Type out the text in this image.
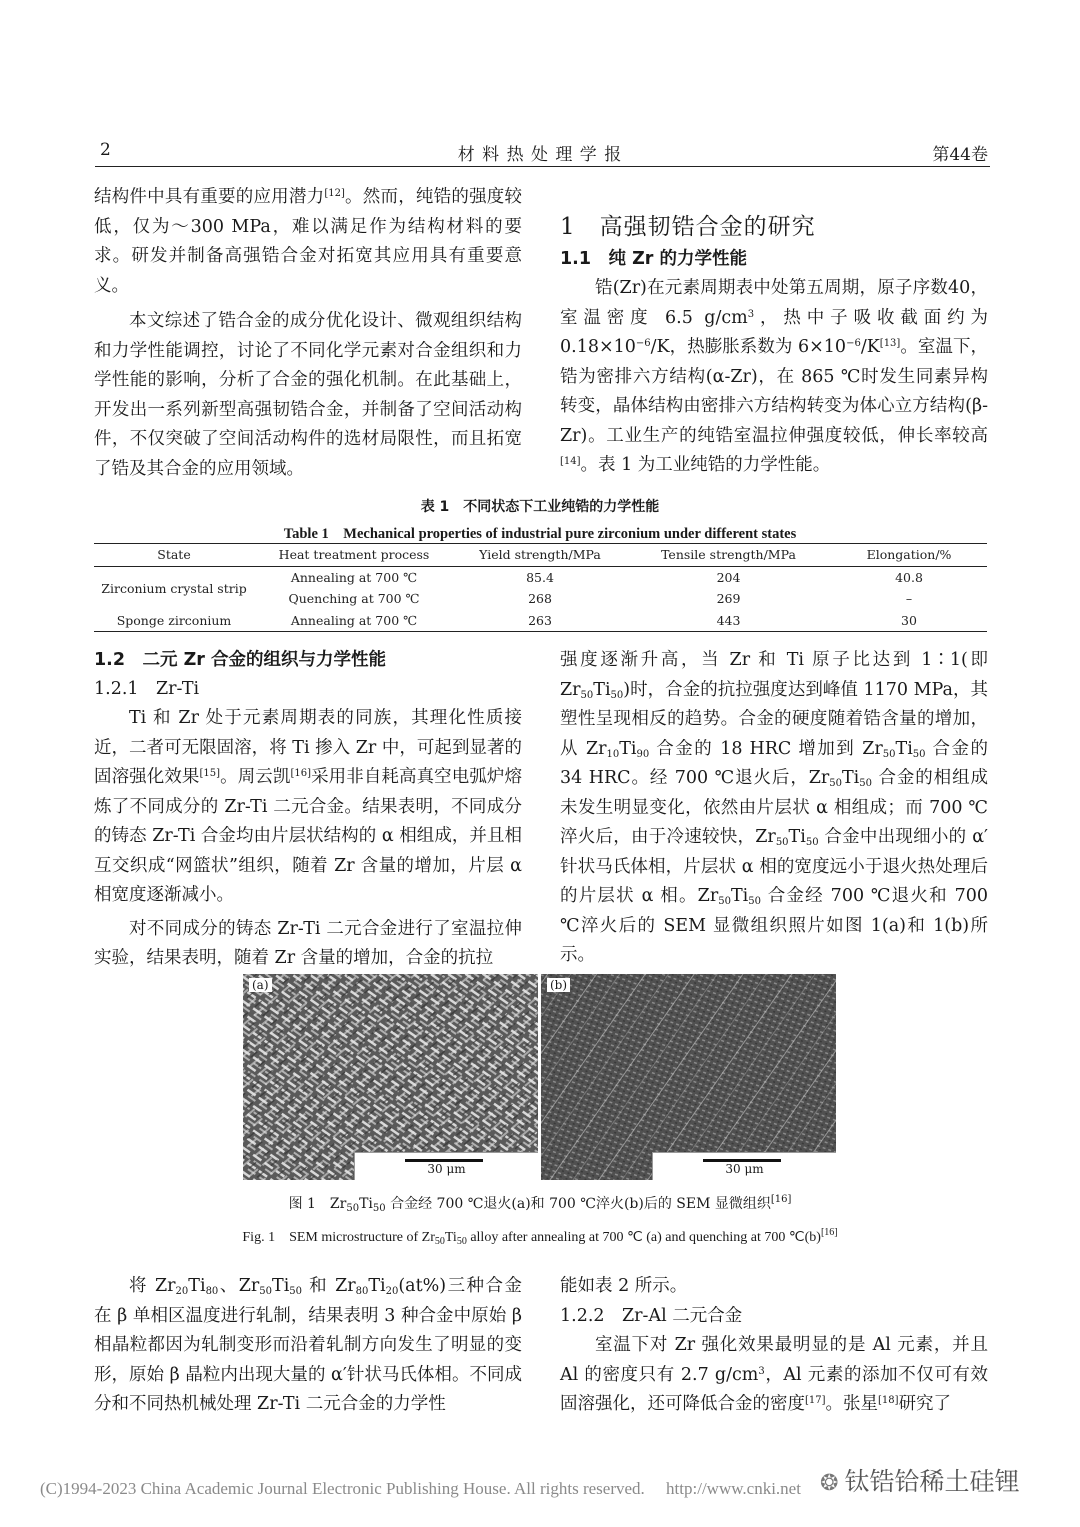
2	材 料 热 处 理 学 报	第44卷

结构件中具有重要的应用潜力[12]。然而，纯锆的强度较低，仅为～300 MPa，难以满足作为结构材料的要求。研发并制备高强锆合金对拓宽其应用具有重要意义。

本文综述了锆合金的成分优化设计、微观组织结构和力学性能调控，讨论了不同化学元素对合金组织和力学性能的影响，分析了合金的强化机制。在此基础上，开发出一系列新型高强韧锆合金，并制备了空间活动构件，不仅突破了空间活动构件的选材局限性，而且拓宽了锆及其合金的应用领域。

1　高强韧锆合金的研究
1.1　纯 Zr 的力学性能

锆(Zr)在元素周期表中处第五周期，原子序数40，室温密度 6.5 $g/cm^3$，热中子吸收截面约为 $0.18\times 10^{-6}/K$，热膨胀系数为 $6\times 10^{-6}/K[13]$。室温下，锆为密排六方结构(α-Zr)，在 865 ℃时发生同素异构转变，晶体结构由密排六方结构转变为体心立方结构(β-Zr)。工业生产的纯锆室温拉伸强度较低，伸长率较高[14]。表 1 为工业纯锆的力学性能。

表 1　不同状态下工业纯锆的力学性能
Table 1　Mechanical properties of industrial pure zirconium under different states
State	Heat treatment process	Yield strength/MPa	Tensile strength/MPa	Elongation/%
Zirconium crystal strip	Annealing at 700 ℃	85.4	204	40.8
	Quenching at 700 ℃	268	269	–
Sponge zirconium	Annealing at 700 ℃	263	443	30
1.2　二元 Zr 合金的组织与力学性能
1.2.1　Zr-Ti

Ti 和 Zr 处于元素周期表的同族，其理化性质接近，二者可无限固溶，将 Ti 掺入 Zr 中，可起到显著的固溶强化效果[15]。周云凯[16]采用非自耗高真空电弧炉熔炼了不同成分的 Zr-Ti 二元合金。结果表明，不同成分的铸态 Zr-Ti 合金均由片层状结构的 α 相组成，并且相互交织成“网篮状”组织，随着 Zr 含量的增加，片层 α 相宽度逐渐减小。

对不同成分的铸态 Zr-Ti 二元合金进行了室温拉伸实验，结果表明，随着 Zr 含量的增加，合金的抗拉

强度逐渐升高，当 Zr 和 Ti 原子比达到 1∶1(即 $Zr_{50}Ti_{50}$)时，合金的抗拉强度达到峰值 1170 MPa，其塑性呈现相反的趋势。合金的硬度随着锆含量的增加，从 $Zr_{10}Ti_{90}$ 合金的 18 HRC 增加到 $Zr_{50}Ti_{50}$ 合金的 34 HRC。经 700 ℃退火后，$Zr_{50}Ti_{50}$ 合金的相组成未发生明显变化，依然由片层状 α 相组成；而 700 ℃淬火后，由于冷速较快，$Zr_{50}Ti_{50}$ 合金中出现细小的 α′针状马氏体相，片层状 α 相的宽度远小于退火热处理后的片层状 α 相。$Zr_{50}Ti_{50}$ 合金经 700 ℃退火和 700 ℃淬火后的 SEM 显微组织照片如图 1(a)和 1(b)所示。

(a)
30 μm
(b)
30 μm
图 1　$Zr_{50}Ti_{50}$ 合金经 700 ℃退火(a)和 700 ℃淬火(b)后的 SEM 显微组织[16]
Fig. 1　SEM microstructure of $Zr_{50}Ti_{50}$ alloy after annealing at 700 ℃ (a) and quenching at 700 ℃(b)[16]

将 $Zr_{20}Ti_{80}$、$Zr_{50}Ti_{50}$ 和 $Zr_{80}Ti_{20}(at\%)$三种合金在 β 单相区温度进行轧制，结果表明 3 种合金中原始 β 相晶粒都因为轧制变形而沿着轧制方向发生了明显的变形，原始 β 晶粒内出现大量的 α′针状马氏体相。不同成分和不同热机械处理 Zr-Ti 二元合金的力学性

能如表 2 所示。

1.2.2　Zr-Al 二元合金

室温下对 Zr 强化效果最明显的是 Al 元素，并且 Al 的密度只有 2.7 $g/cm^3$，Al 元素的添加不仅可有效固溶强化，还可降低合金的密度[17]。张星[18]研究了

(C)1994-2023 China Academic Journal Electronic Publishing House. All rights reserved.　 http://www.cnki.net ❂ 钛锆铪稀土硅锂
